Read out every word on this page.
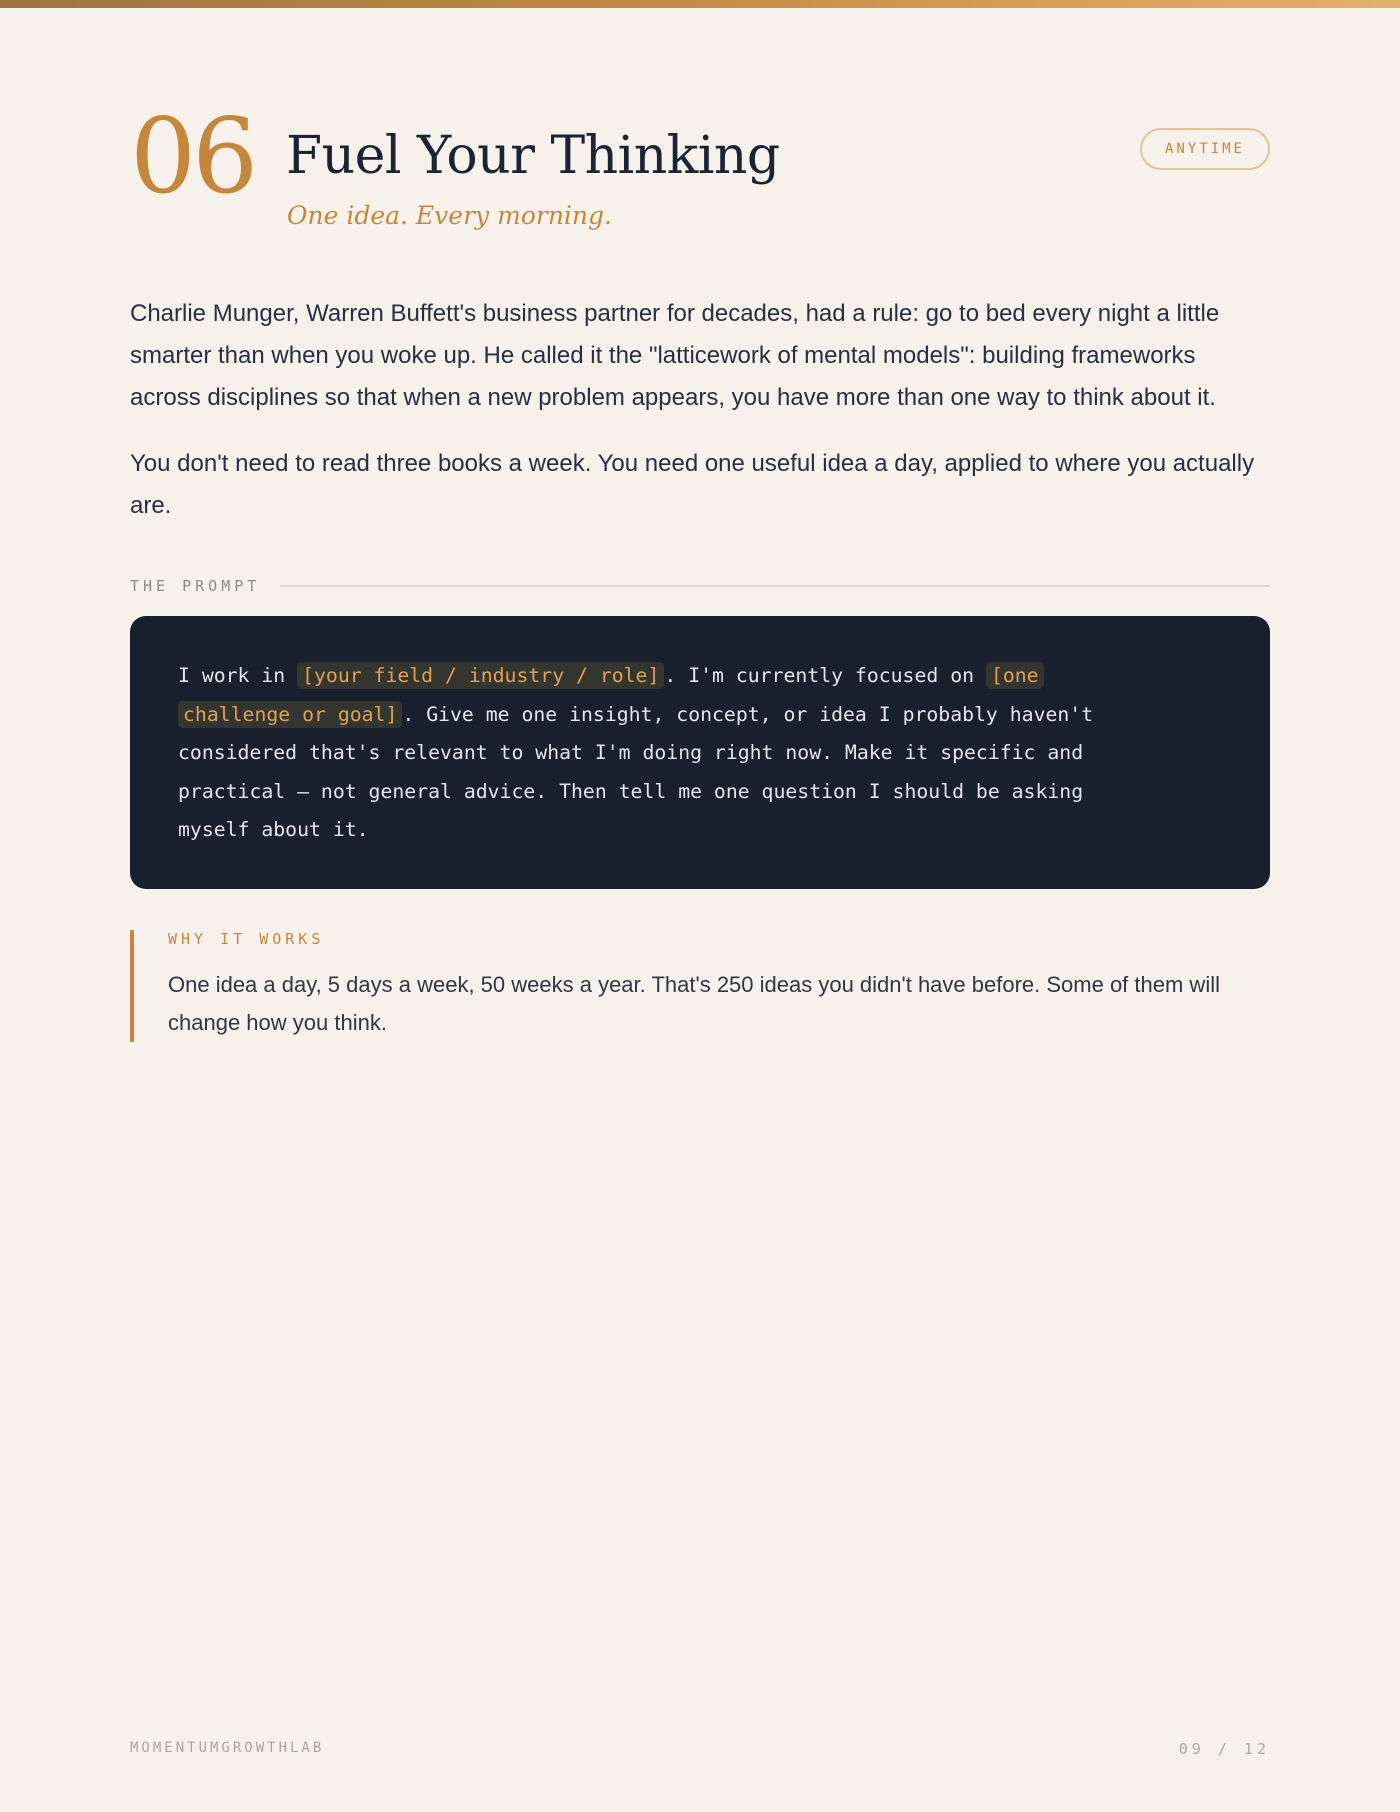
06 Fuel Your Thinking
One idea. Every morning.
ANYTIME

Charlie Munger, Warren Buffett's business partner for decades, had a rule: go to bed every night a little smarter than when you woke up. He called it the "latticework of mental models": building frameworks across disciplines so that when a new problem appears, you have more than one way to think about it.

You don't need to read three books a week. You need one useful idea a day, applied to where you actually are.

THE PROMPT
I work in [your field / industry / role] . I'm currently focused on [one
challenge or goal] . Give me one insight, concept, or idea I probably haven't
considered that's relevant to what I'm doing right now. Make it specific and
practical — not general advice. Then tell me one question I should be asking
myself about it.
WHY IT WORKS

One idea a day, 5 days a week, 50 weeks a year. That's 250 ideas you didn't have before. Some of them will change how you think.

MOMENTUMGROWTHLAB	09 / 12
